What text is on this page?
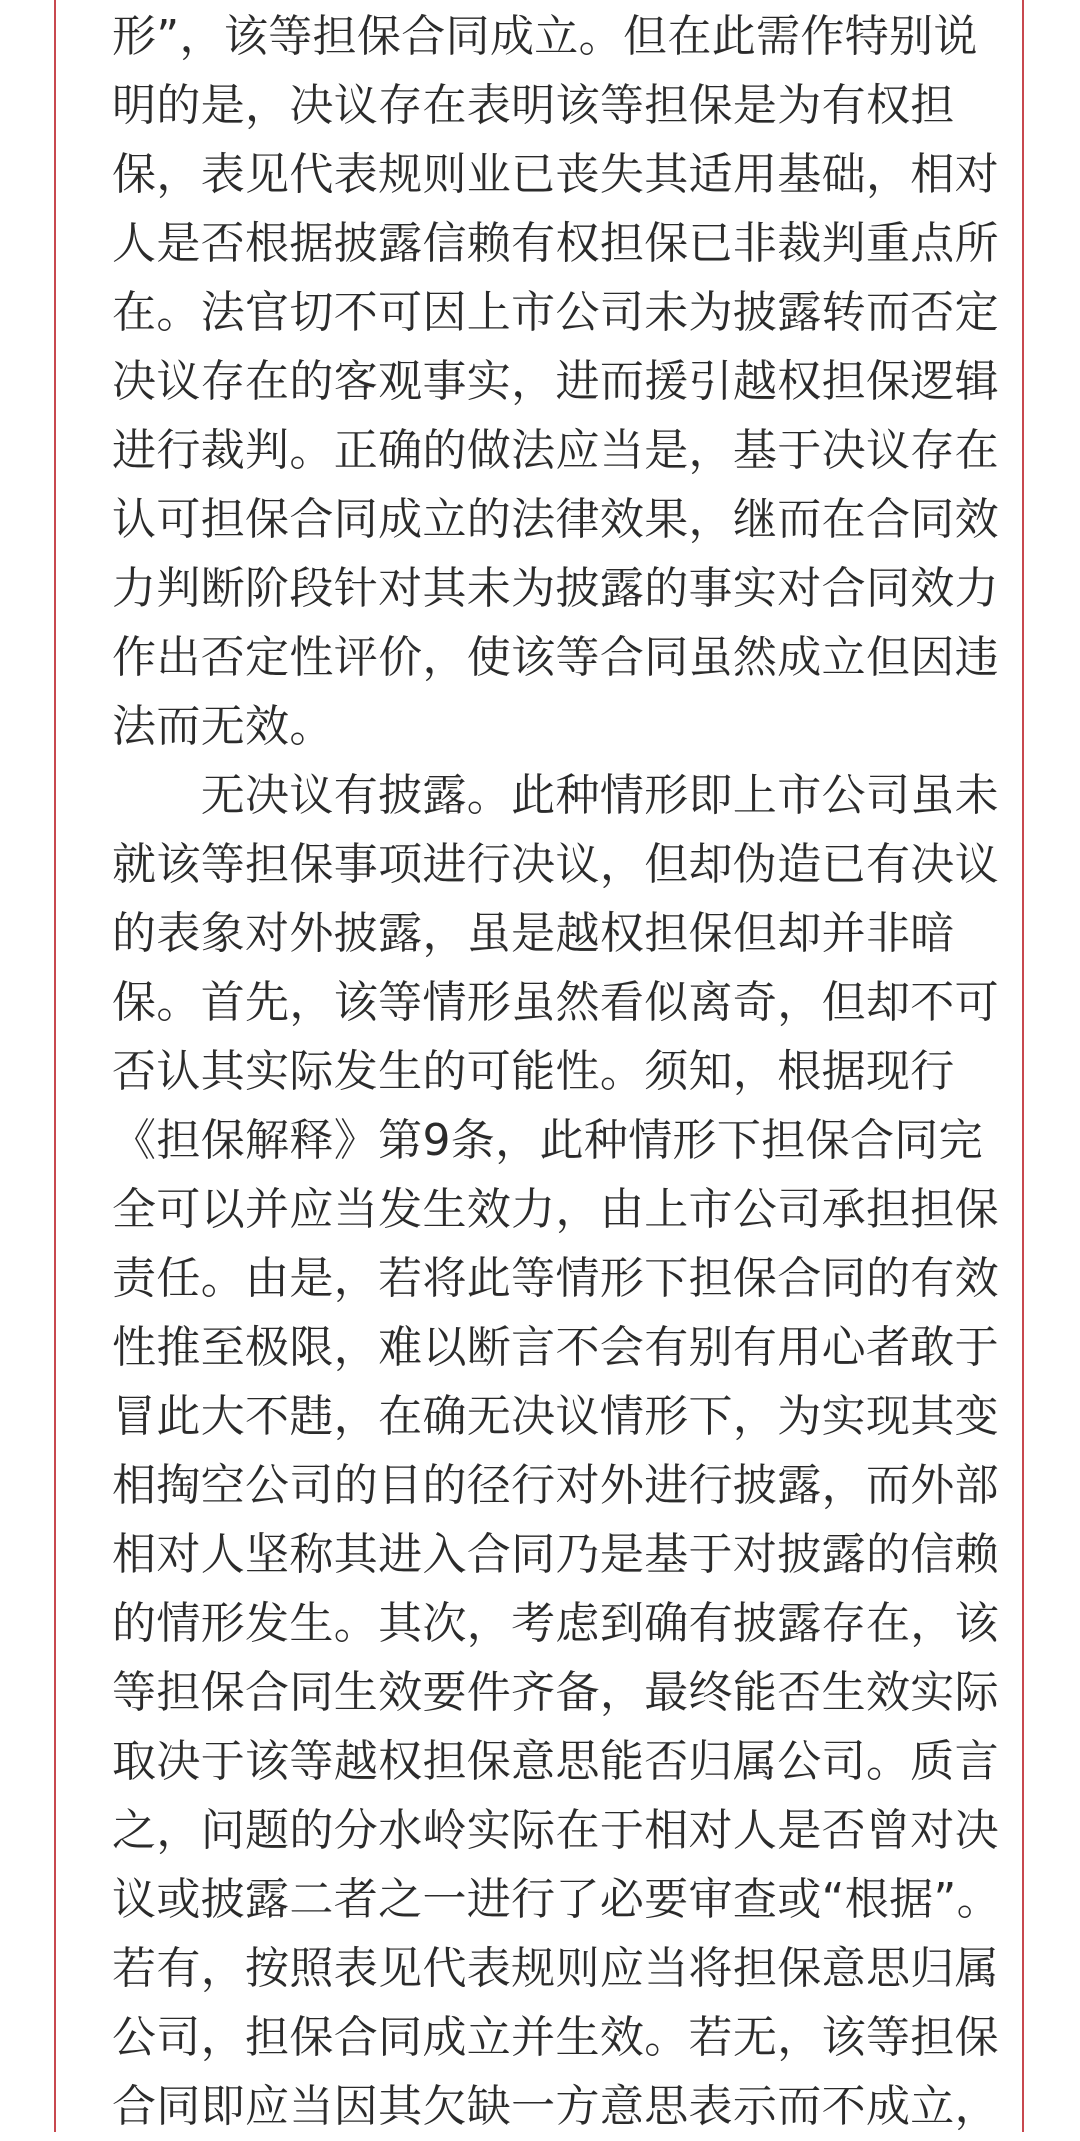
形”，该等担保合同成立。但在此需作特别说
明的是，决议存在表明该等担保是为有权担
保，表见代表规则业已丧失其适用基础，相对
人是否根据披露信赖有权担保已非裁判重点所
在。法官切不可因上市公司未为披露转而否定
决议存在的客观事实，进而援引越权担保逻辑
进行裁判。正确的做法应当是，基于决议存在
认可担保合同成立的法律效果，继而在合同效
力判断阶段针对其未为披露的事实对合同效力
作出否定性评价，使该等合同虽然成立但因违
法而无效。
　　无决议有披露。此种情形即上市公司虽未
就该等担保事项进行决议，但却伪造已有决议
的表象对外披露，虽是越权担保但却并非暗
保。首先，该等情形虽然看似离奇，但却不可
否认其实际发生的可能性。须知，根据现行
《担保解释》第9条，此种情形下担保合同完
全可以并应当发生效力，由上市公司承担担保
责任。由是，若将此等情形下担保合同的有效
性推至极限，难以断言不会有别有用心者敢于
冒此大不韪，在确无决议情形下，为实现其变
相掏空公司的目的径行对外进行披露，而外部
相对人坚称其进入合同乃是基于对披露的信赖
的情形发生。其次，考虑到确有披露存在，该
等担保合同生效要件齐备，最终能否生效实际
取决于该等越权担保意思能否归属公司。质言
之，问题的分水岭实际在于相对人是否曾对决
议或披露二者之一进行了必要审查或“根据”。
若有，按照表见代表规则应当将担保意思归属
公司，担保合同成立并生效。若无，该等担保
合同即应当因其欠缺一方意思表示而不成立，
